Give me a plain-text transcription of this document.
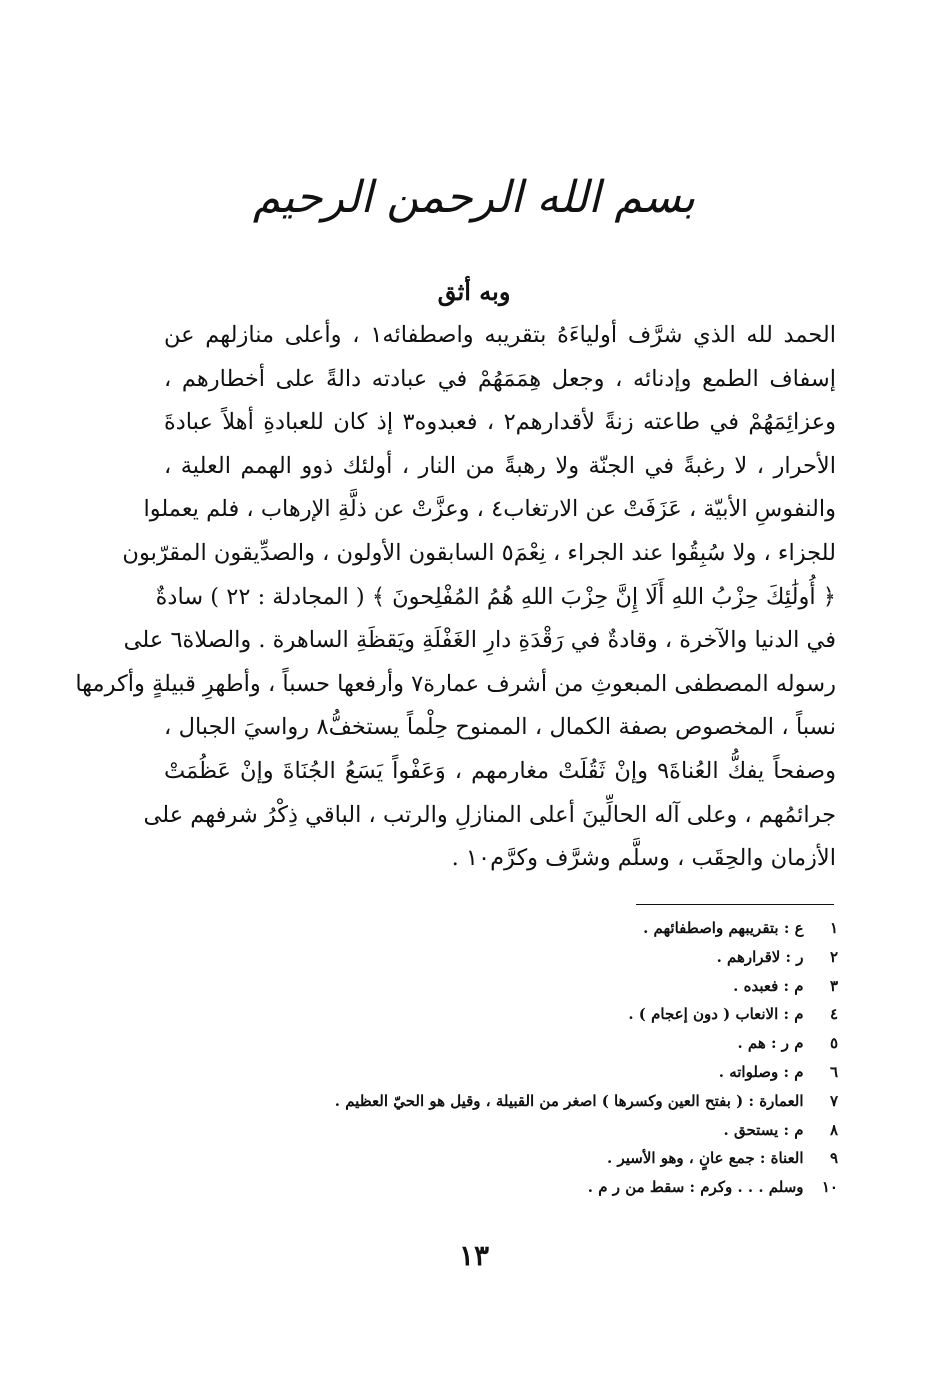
بسم الله الرحمن الرحيم
وبه أثق
الحمد لله الذي شرَّف أولياءَهُ بتقريبه واصطفائه١ ، وأعلى منازلهم عن
إسفاف الطمع وإدنائه ، وجعل هِمَمَهُمْ في عبادته دالةً على أخطارهم ،
وعزائِمَهُمْ في طاعته زنةً لأقدارهم٢ ، فعبدوه٣ إذ كان للعبادةِ أهلاً عبادةَ
الأحرار ، لا رغبةً في الجنّة ولا رهبةً من النار ، أولئك ذوو الهمم العلية ،
والنفوسِ الأبيّة ، عَزَفَتْ عن الارتغاب٤ ، وعزَّتْ عن ذلَّةِ الإرهاب ، فلم يعملوا
للجزاء ، ولا سُبِقُوا عند الجراء ، نِعْمَ٥ السابقون الأولون ، والصدِّيقون المقرّبون
﴿ أُولَٰئِكَ حِزْبُ اللهِ أَلَا إِنَّ حِزْبَ اللهِ هُمُ المُفْلِحونَ ﴾ ( المجادلة : ٢٢ ) سادةٌ
في الدنيا والآخرة ، وقادةٌ في رَقْدَةِ دارِ الغَفْلَةِ ويَقظَةِ الساهرة . والصلاة٦ على
رسوله المصطفى المبعوثِ من أشرف عمارة٧ وأرفعها حسباً ، وأطهرِ قبيلةٍ وأكرمها
نسباً ، المخصوص بصفة الكمال ، الممنوح حِلْماً يستخفُّ٨ رواسيَ الجبال ،
وصفحاً يفكُّ العُناةَ٩ وإنْ ثَقُلَتْ مغارمهم ، وَعَفْواً يَسَعُ الجُنَاةَ وإنْ عَظُمَتْ
جرائمُهم ، وعلى آله الحالِّينَ أعلى المنازلِ والرتب ، الباقي ذِكْرُ شرفهم على
الأزمان والحِقَب ، وسلَّم وشرَّف وكرَّم١٠ .
١  ع : بتقريبهم واصطفائهم .
٢  ر : لاقرارهم .
٣  م : فعبده .
٤  م : الانعاب ( دون إعجام ) .
٥  م ر : هم .
٦  م : وصلواته .
٧  العمارة : ( بفتح العين وكسرها ) اصغر من القبيلة ، وقيل هو الحيّ العظيم .
٨  م : يستحق .
٩  العناة : جمع عانٍ ، وهو الأسير .
١٠  وسلم . . . وكرم : سقط من ر م .
١٣
